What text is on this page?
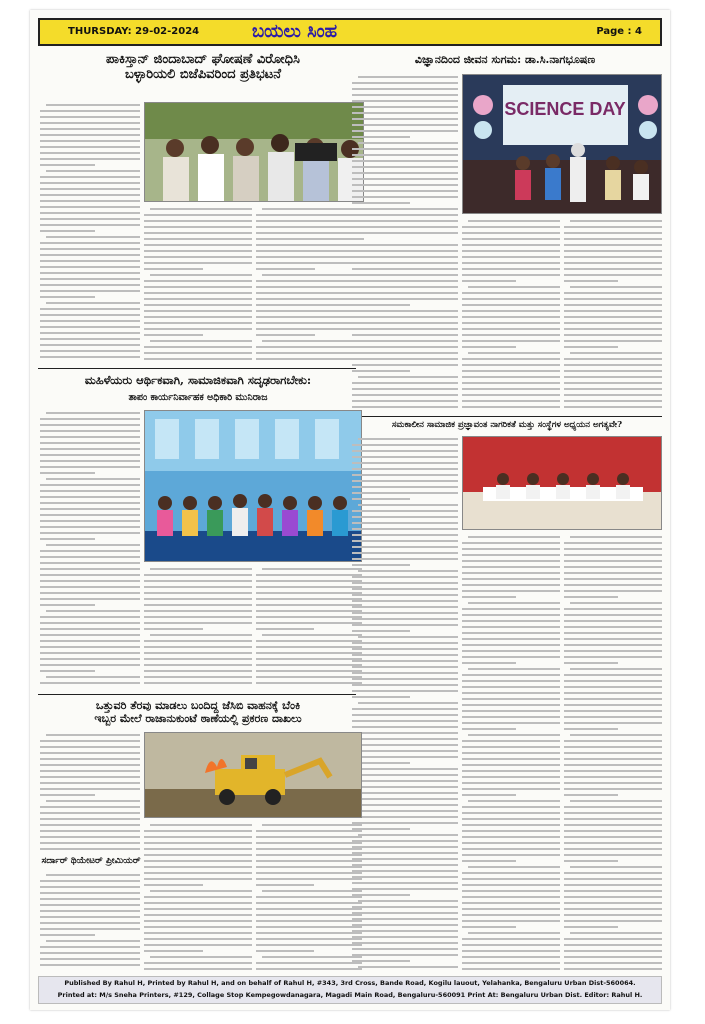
THURSDAY: 29-02-2024	ಬಯಲು ಸಿಂಹ	Page : 4
ಪಾಕಿಸ್ತಾನ್ ಜಿಂದಾಬಾದ್ ಘೋಷಣೆ ವಿರೋಧಿಸಿ
ಬಳ್ಳಾರಿಯಲಿ ಬಿಜೆಪಿವರಿಂದ ಪ್ರತಿಭಟನೆ
ವಿಜ್ಞಾನದಿಂದ ಜೀವನ ಸುಗಮ: ಡಾ.ಸಿ.ನಾಗಭೂಷಣ
SCIENCE DAY
ಮಹಿಳೆಯರು ಆರ್ಥಿಕವಾಗಿ, ಸಾಮಾಜಿಕವಾಗಿ ಸದೃಢರಾಗಬೇಕು:
ತಾಪಂ ಕಾರ್ಯನಿರ್ವಾಹಕ ಅಧಿಕಾರಿ ಮುನಿರಾಜ
ಸಮಕಾಲೀನ ಸಾಮಾಜಿಕ ಪ್ರಜ್ಞಾವಂತ ನಾಗರಿಕತೆ ಮತ್ತು ಸಂಸ್ಥೆಗಳ ಅಧ್ಯಯನ ಅಗತ್ಯವೇ?
ಒತ್ತುವರಿ ತೆರವು ಮಾಡಲು ಬಂದಿದ್ದ ಜೆಸಿಬಿ ವಾಹನಕ್ಕೆ ಬೆಂಕಿ
ಇಬ್ಬರ ಮೇಲೆ ರಾಜಾನುಕುಂಟೆ ಠಾಣೆಯಲ್ಲಿ ಪ್ರಕರಣ ದಾಖಲು
ಸರ್ದಾರ್ ಥಿಯೇಟರ್ ಪ್ರೀಮಿಯರ್
Published By Rahul H, Printed by Rahul H, and on behalf of Rahul H, #343, 3rd Cross, Bande Road, Kogilu lauout, Yelahanka, Bengaluru Urban Dist-560064.
Printed at: M/s Sneha Printers, #129, Collage Stop Kempegowdanagara, Magadi Main Road, Bengaluru-560091 Print At: Bengaluru Urban Dist. Editor: Rahul H.
